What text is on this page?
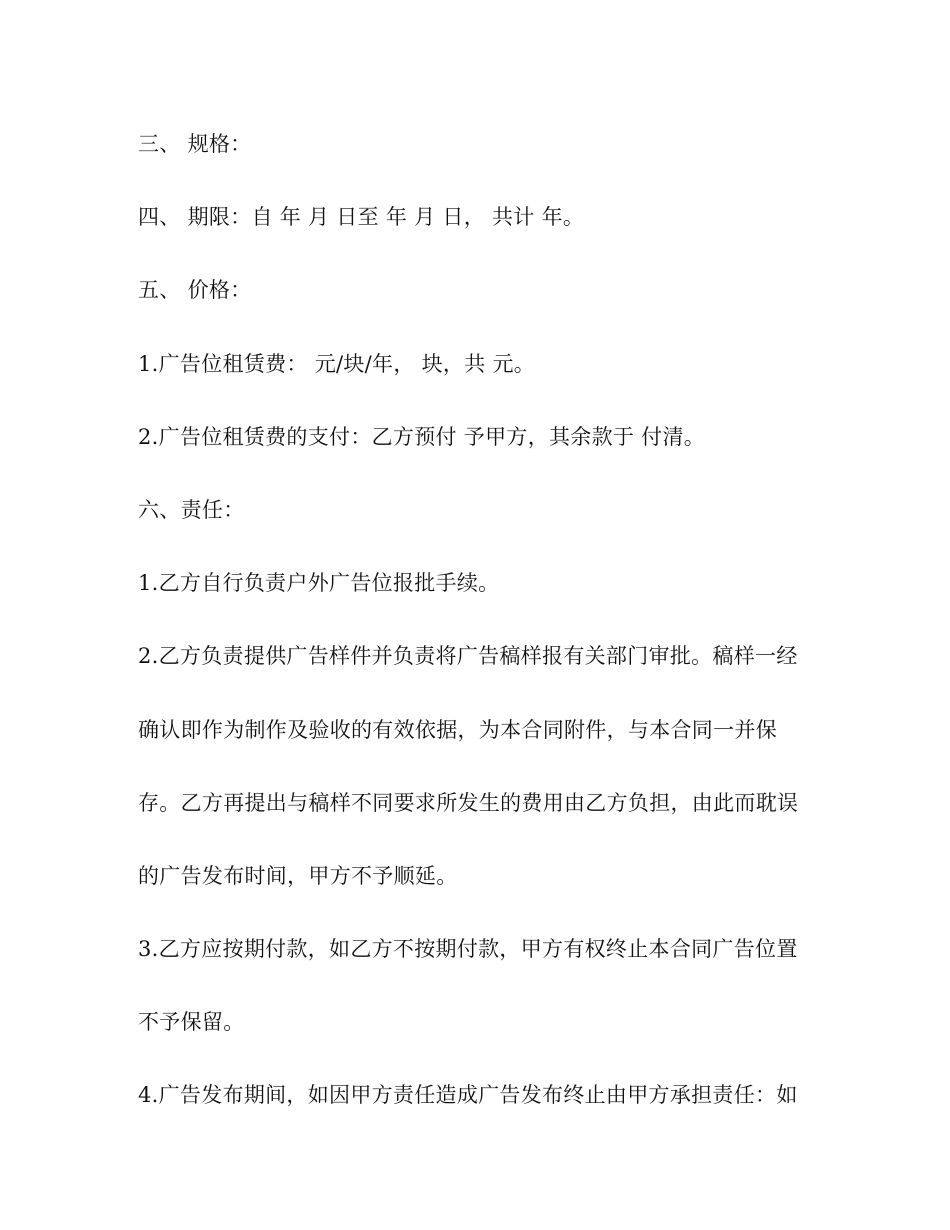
三、 规格：
四、 期限：自 年 月 日至 年 月 日， 共计 年。
五、 价格：
1.广告位租赁费： 元/块/年， 块，共 元。
2.广告位租赁费的支付：乙方预付 予甲方，其余款于 付清。
六、责任：
1.乙方自行负责户外广告位报批手续。
2.乙方负责提供广告样件并负责将广告稿样报有关部门审批。稿样一经
确认即作为制作及验收的有效依据，为本合同附件，与本合同一并保
存。乙方再提出与稿样不同要求所发生的费用由乙方负担，由此而耽误
的广告发布时间，甲方不予顺延。
3.乙方应按期付款，如乙方不按期付款，甲方有权终止本合同广告位置
不予保留。
4.广告发布期间，如因甲方责任造成广告发布终止由甲方承担责任：如
